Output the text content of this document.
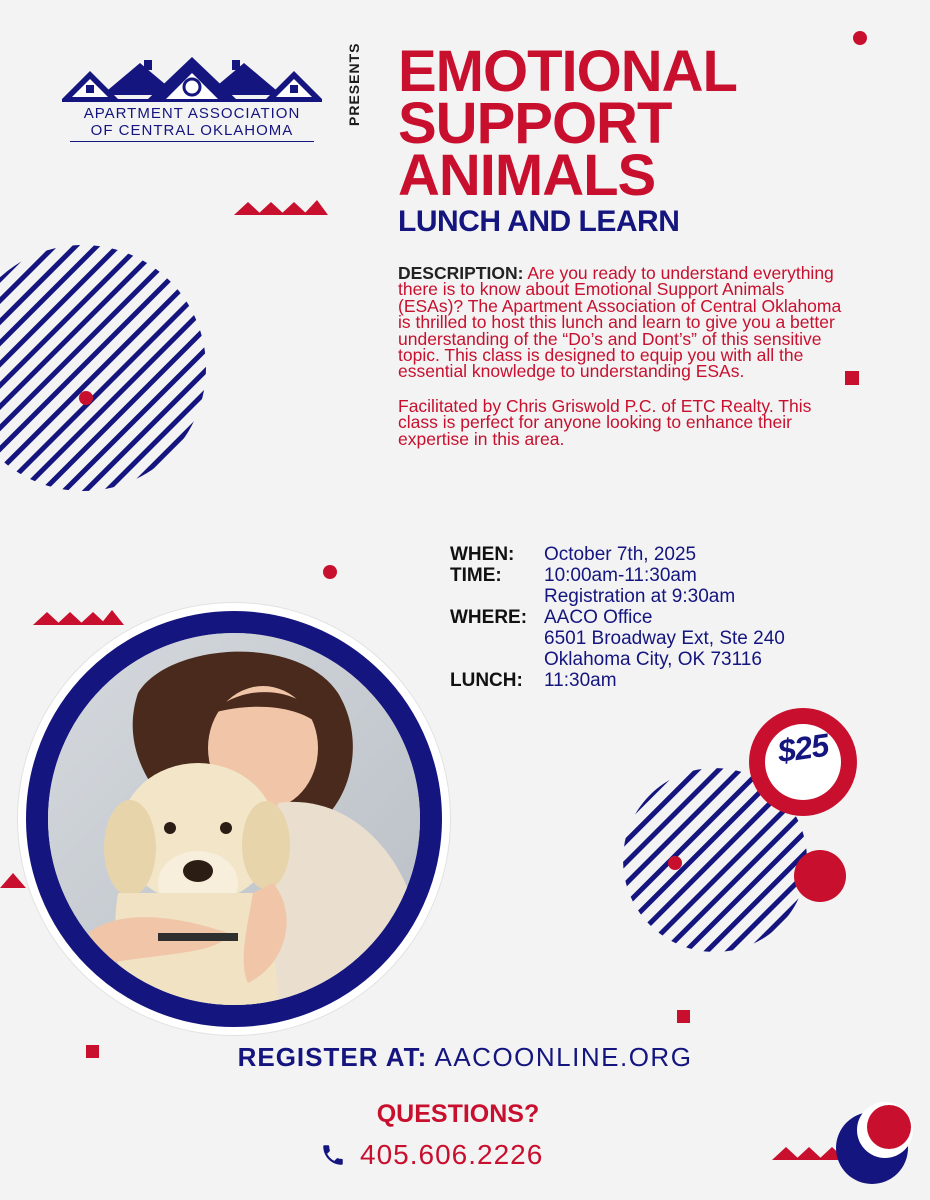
APARTMENT ASSOCIATION
OF CENTRAL OKLAHOMA
PRESENTS EMOTIONAL
SUPPORT
ANIMALS
LUNCH AND LEARN

DESCRIPTION: Are you ready to understand everything there is to know about Emotional Support Animals (ESAs)? The Apartment Association of Central Oklahoma is thrilled to host this lunch and learn to give you a better understanding of the “Do’s and Dont’s” of this sensitive topic. This class is designed to equip you with all the essential knowledge to understanding ESAs.

Facilitated by Chris Griswold P.C. of ETC Realty. This class is perfect for anyone looking to enhance their expertise in this area.

WHEN:	October 7th, 2025
TIME:	10:00am-11:30am
Registration at 9:30am
WHERE: AACO Office
6501 Broadway Ext, Ste 240
Oklahoma City, OK 73116
LUNCH:	11:30am
$25
REGISTER AT: AACOONLINE.ORG
QUESTIONS?
405.606.2226
